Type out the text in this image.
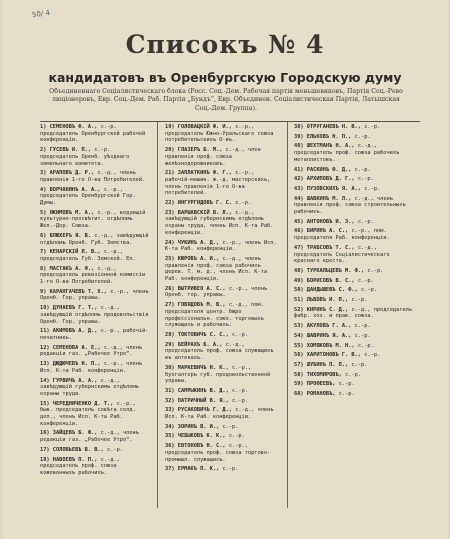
50/ 4
Списокъ № 4
кандидатовъ въ Оренбургскую Городскую думу
Объединеннаго Соціалистическаго блока (Росс. Соц.-Дем. Рабочая партія меньшевиковъ, Партія Соц.-Рево люціонеровъ, Евр. Соц.-Дем. Раб. Партія „Бундъ“, Евр. Объединен. Соціалистическая Партія, Латышская Соц.-Дем. Группа).
1) СЕМЕНОВЪ Ф. А., с.-р. председатель Оренбургской рабочей конференціи.
2) ГУСЕВЪ И. П., с.-р. председатель Оренб. уѣзднаго земельнаго комитета.
3) АРАПОВЪ Д. Р., с.-д., членъ правленія 1-го О-ва Потребителей.
4) ВОРЧАНИНЪ А. А., с.-р., председатель Оренбургской Гор. Думы.
5) ЯКИМОВЪ М. А., с.-р., ведующій культурно-просвѣтит. отдѣломъ Жел.-Дор. Союза.
6) БЛЮХЕРЪ Я. В. с.-д., завѣдующій отдѣломъ Оренб. Губ. Земства.
7) КЕНАРСКІЙ Л. В., с.-р., председатель Губ. Земской. Еп.
8) МАСТАКЪ А. Ф., с.-д., председатель ревизіонной комиссіи 1-го О-ва Потребителей.
9) КАРАНГАЧЕВЪ Т. Х., с.-р., членъ Оренб. Гор. управы.
10) ДУНАЕВЪ Г. Т., с.-д., завѣдующій отдѣломъ продовольствія Оренб. Гор. управы.
11) АКИМОВЪ А. Д., с.-р., рабочій-печатникъ.
12) СЕМЕНОВА А. Е., с.-д., членъ редакціи газ. „Рабочее Утро“.
13) ДЮДЮЧЕВЪ Н. П., с.-р., членъ Исп. К-та Раб. конференціи.
14) ГУРВИЧЪ А. А., с.-д., завѣдующій губернскимъ отдѣломъ охраны труда.
15) ЧЕРЕДНИЧЕНКО Д. Т., с.-р., быв. председатель совѣта солд. деп., членъ Исп. К-та Раб. конференціи.
16) ЗАЙЦЕВЪ Б. Ф., с.-д., членъ редакціи газ. „Рабочее Утро“.
17) СОЛОВЬЕВЪ В. В., с.-р.
18) НАВОЕВЪ П. П., с.-д., председатель проф. союза кожевенныхъ рабочихъ.
19) ГОЛОВАЦКІЙ Ф. И., с.-р., председатель Южно-Уральскаго союза потребительскихъ О-въ.
20) ГЛАЗЕРЪ Б. М., с.-д., член правленія проф. союза желѣзнодорожниковъ.
21) ЗАПЛАТКИНЪ Ф. Г., с.-р., рабочій-машин. ж.-д. мастерскихъ, членъ правленія 1-го О-ва потребителей.
22) ИНГУРГИДОВЪ Г. С. с.-р.
23) ВАРШАВСКІЙ В. Л., с.-д., завѣдующій губернскимъ отдѣломъ охраны труда, членъ Исп. К-та Раб. конференціи.
24) ЧУКИНЪ А. Д., с.-р., членъ Исп. К-та Раб. конференціи.
25) КЮРОВЪ А. И., с.-д., членъ правленія проф. союза рабочихъ дерев. Т. м. д., членъ Исп. К-та Раб. конференціи.
26) ВЫТРИВЕО А. С., с.-р., членъ Оренб. гор. управы.
27) ГОВЯДОВЪ М. В., с.-д., пом. председателя центр. бюро профессіональн. союз. торговыхъ служащихъ и рабочихъ.
28) ТОКТОВИЧЪ С. С., с.-р.
29) БЕЙРАХЪ Б. А., с.-д., председатель проф. союза служащихъ въ аптекахъ.
30) МАРКЕВИЧЪ Н. К., с.-р., бухгалтеръ губ. продовольственной управы.
31) САМРЫКИНЪ В. Д., с.-р.
32) ПАТРИЧНЫЙ В. Я., с.-р.
33) РУСАКОВИЧЪ Г. Д., с.-д., членъ Исп. К-та Раб. конференціи.
34) ЗОРИНЪ В. И., с.-р.
35) ЧЕБЫКОВЪ К. К., с.-р.
36) ЕВТОНОВЪ Н. С., с.-р., председатель проф. союза торгово-промышл. служащихъ.
37) ЕРМАКЪ П. К., с.-р.
38) ОТРУГАНЕВЪ Н. В., с.-р.
39) ЕЛЬКОВЪ Н. П., с.-р.
40) ШЕХТМАНЪ Н. А., с.-д., председатель проф. союза рабочихъ металлистовъ.
41) РАСКИНЪ Ф. Д., с.-р.
42) АРХИПОВЪ Д. Г., с.-р.
43) ПУЗОВСКИХЪ Я. А., с.-р.
44) ШАВКИНЪ М. Л., с.-д., членъ правленія проф. союза строительныхъ рабочихъ.
45) АНТОНОВЪ И. З., с.-р.
46) БИРИНЪ А. С., с.-р., пом. председателя Раб. конференціи.
47) ТРАВСОВЪ Т. С., с.-д., председатель Соціалистическаго краснаго креста.
48) ТУРКАЛЬЦЕВЪ М. Ф., с.-р.
49) БОРИСОВЪ В. С., с.-р.
50) ДАНДЫШЕВЪ С. Ф., с.-р.
51) ЛЬВОВЪ И. П., с.-р.
52) КИРИНЪ С. Д., с.-д., председатель фабр. хоз. и прав. союза.
53) АКУЛОВЪ Г. А., с.-р.
54) ШАВРИНЪ Я. А., с.-р.
55) ХОМЯКОВЪ М. Н., с.-р.
56) ХАРИТОНОВЪ Г. В., с.-р.
57) ШУБИНЪ П. П., с.-р.
58) ТИХОМИРОВЪ, с.-р.
59) ПРОФЕЕВЪ, с.-р.
60) РОМАНОВЪ, с.-р.
